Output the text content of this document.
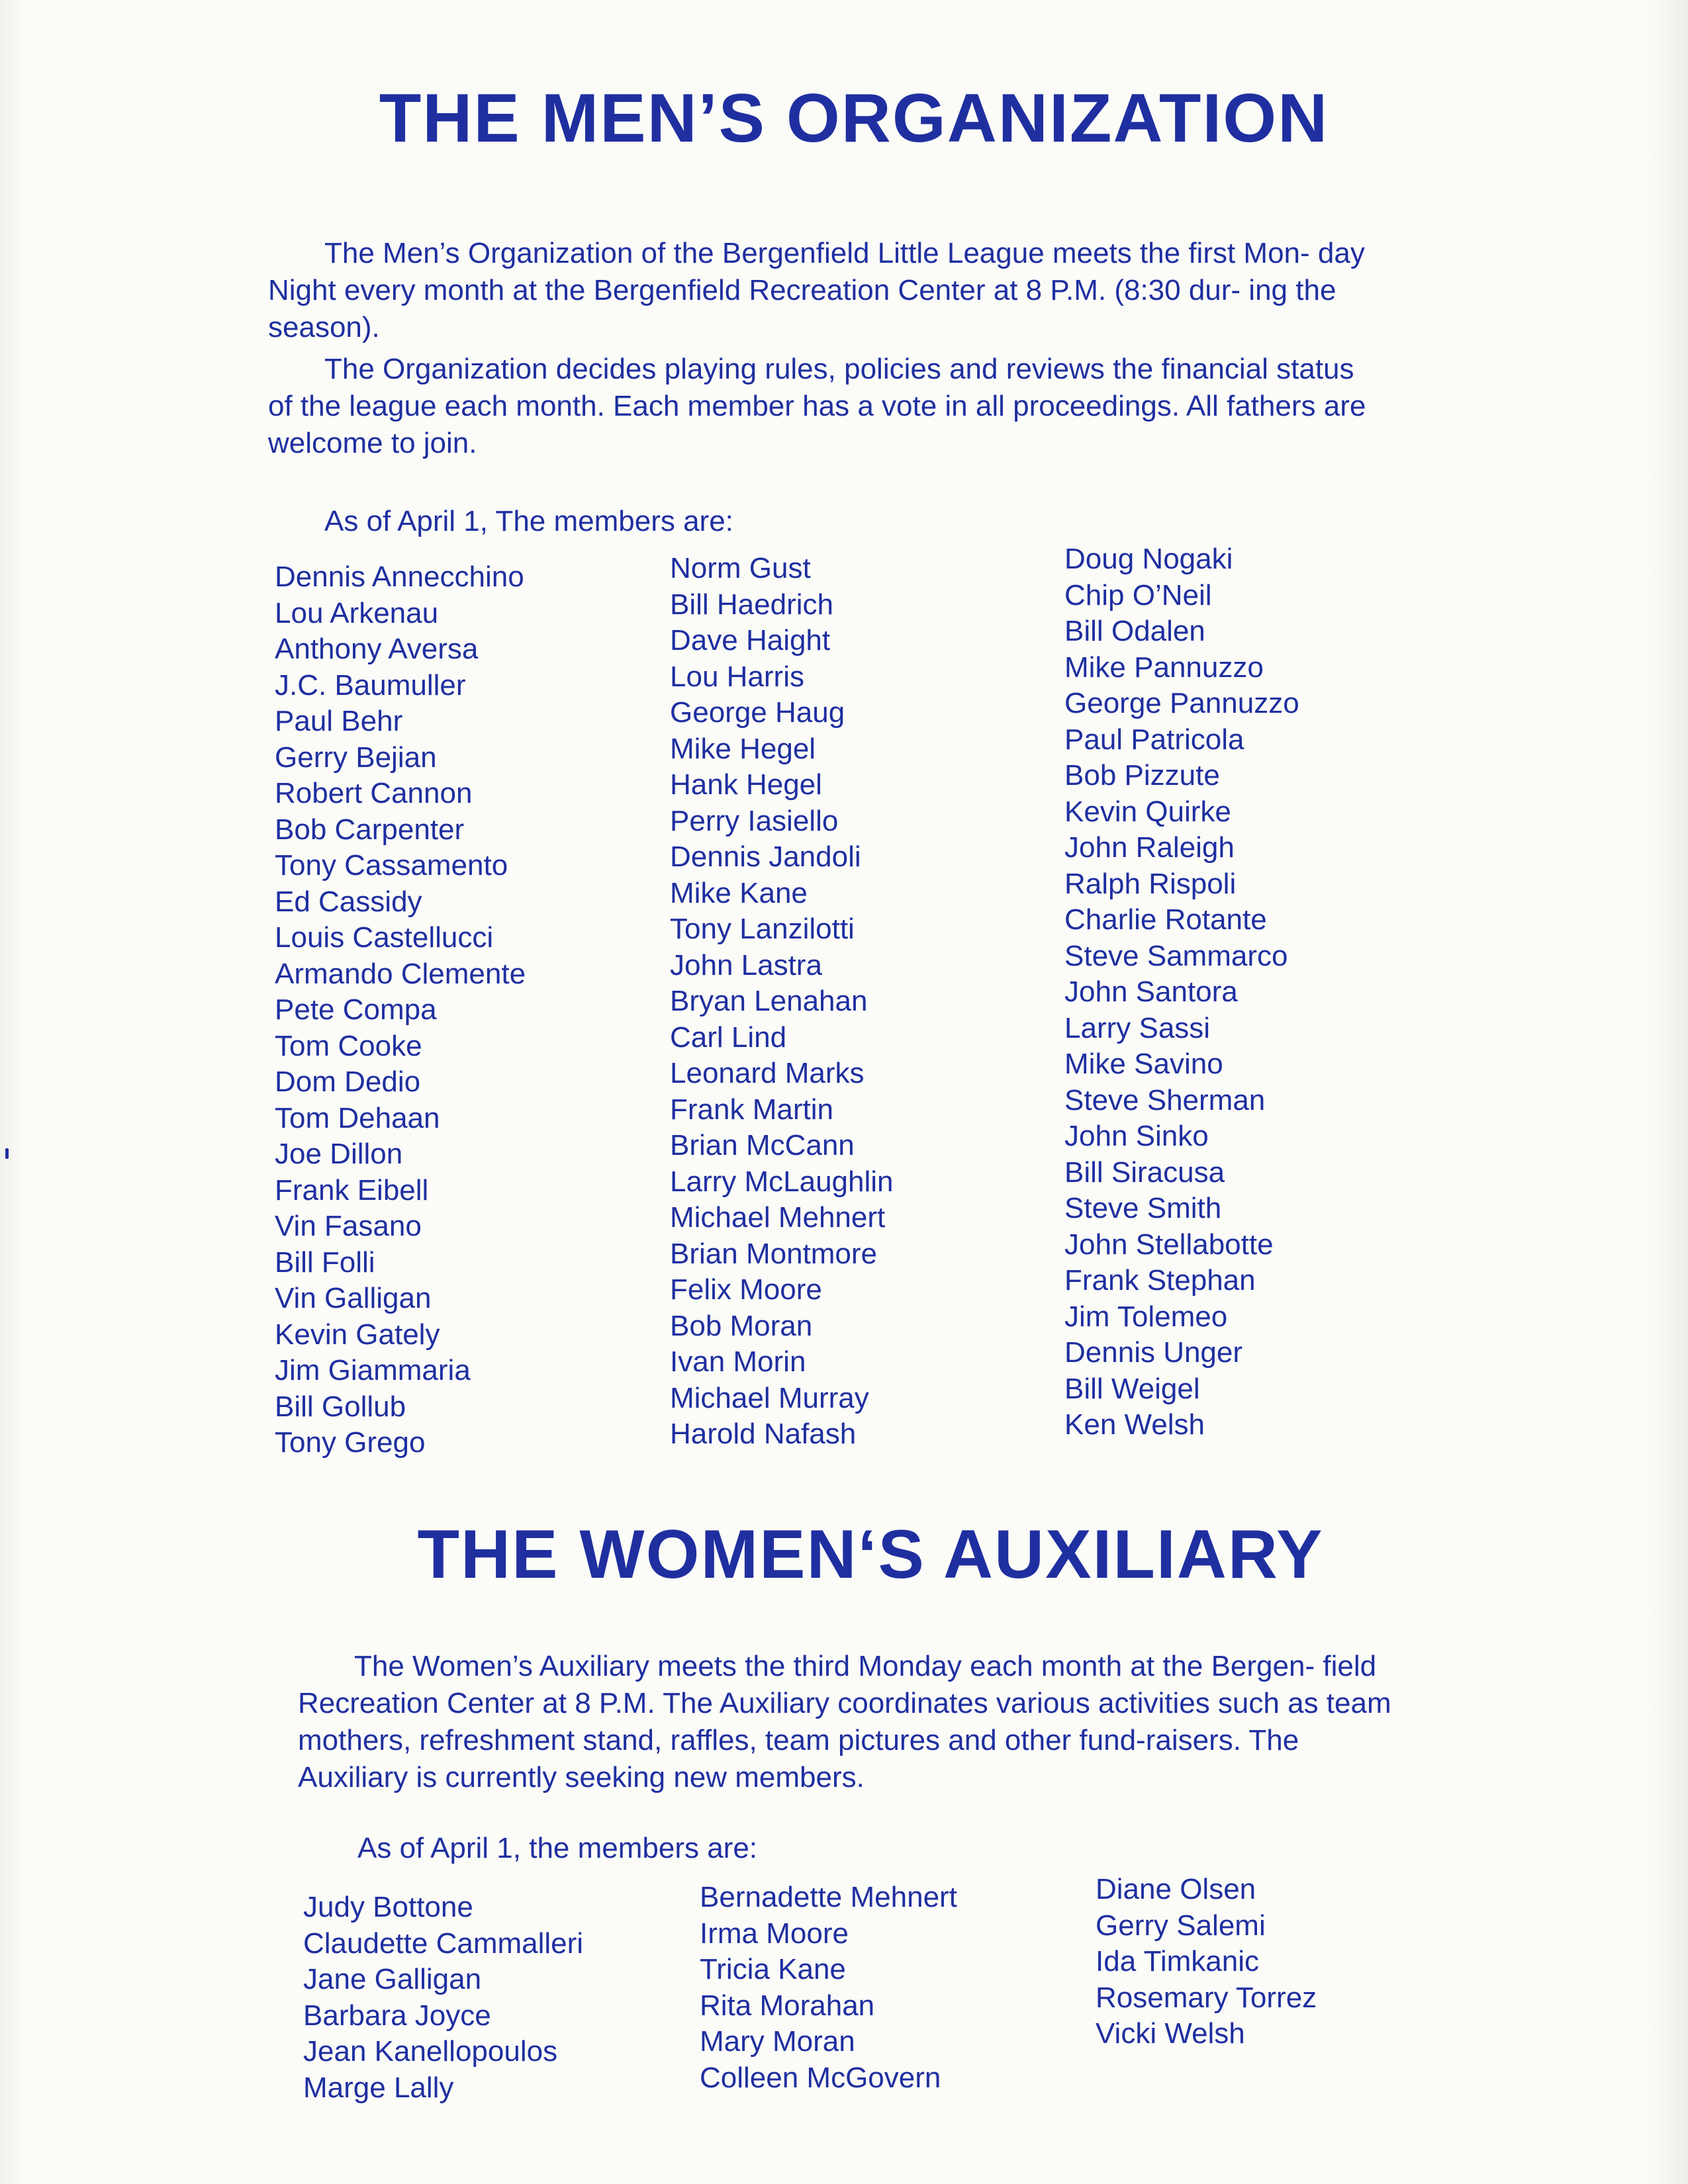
THE MEN’S ORGANIZATION

The Men’s Organization of the Bergenfield Little League meets the first Mon- day Night every month at the Bergenfield Recreation Center at 8 P.M. (8:30 dur- ing the season).

The Organization decides playing rules, policies and reviews the financial status of the league each month. Each member has a vote in all proceedings. All fathers are welcome to join.

As of April 1, The members are:

Dennis Annecchino
Lou Arkenau
Anthony Aversa
J.C. Baumuller
Paul Behr
Gerry Bejian
Robert Cannon
Bob Carpenter
Tony Cassamento
Ed Cassidy
Louis Castellucci
Armando Clemente
Pete Compa
Tom Cooke
Dom Dedio
Tom Dehaan
Joe Dillon
Frank Eibell
Vin Fasano
Bill Folli
Vin Galligan
Kevin Gately
Jim Giammaria
Bill Gollub
Tony Grego
Norm Gust
Bill Haedrich
Dave Haight
Lou Harris
George Haug
Mike Hegel
Hank Hegel
Perry Iasiello
Dennis Jandoli
Mike Kane
Tony Lanzilotti
John Lastra
Bryan Lenahan
Carl Lind
Leonard Marks
Frank Martin
Brian McCann
Larry McLaughlin
Michael Mehnert
Brian Montmore
Felix Moore
Bob Moran
Ivan Morin
Michael Murray
Harold Nafash
Doug Nogaki
Chip O’Neil
Bill Odalen
Mike Pannuzzo
George Pannuzzo
Paul Patricola
Bob Pizzute
Kevin Quirke
John Raleigh
Ralph Rispoli
Charlie Rotante
Steve Sammarco
John Santora
Larry Sassi
Mike Savino
Steve Sherman
John Sinko
Bill Siracusa
Steve Smith
John Stellabotte
Frank Stephan
Jim Tolemeo
Dennis Unger
Bill Weigel
Ken Welsh
THE WOMEN‘S AUXILIARY

The Women’s Auxiliary meets the third Monday each month at the Bergen- field Recreation Center at 8 P.M. The Auxiliary coordinates various activities such as team mothers, refreshment stand, raffles, team pictures and other fund-raisers. The Auxiliary is currently seeking new members.

As of April 1, the members are:

Judy Bottone
Claudette Cammalleri
Jane Galligan
Barbara Joyce
Jean Kanellopoulos
Marge Lally
Bernadette Mehnert
Irma Moore
Tricia Kane
Rita Morahan
Mary Moran
Colleen McGovern
Diane Olsen
Gerry Salemi
Ida Timkanic
Rosemary Torrez
Vicki Welsh
